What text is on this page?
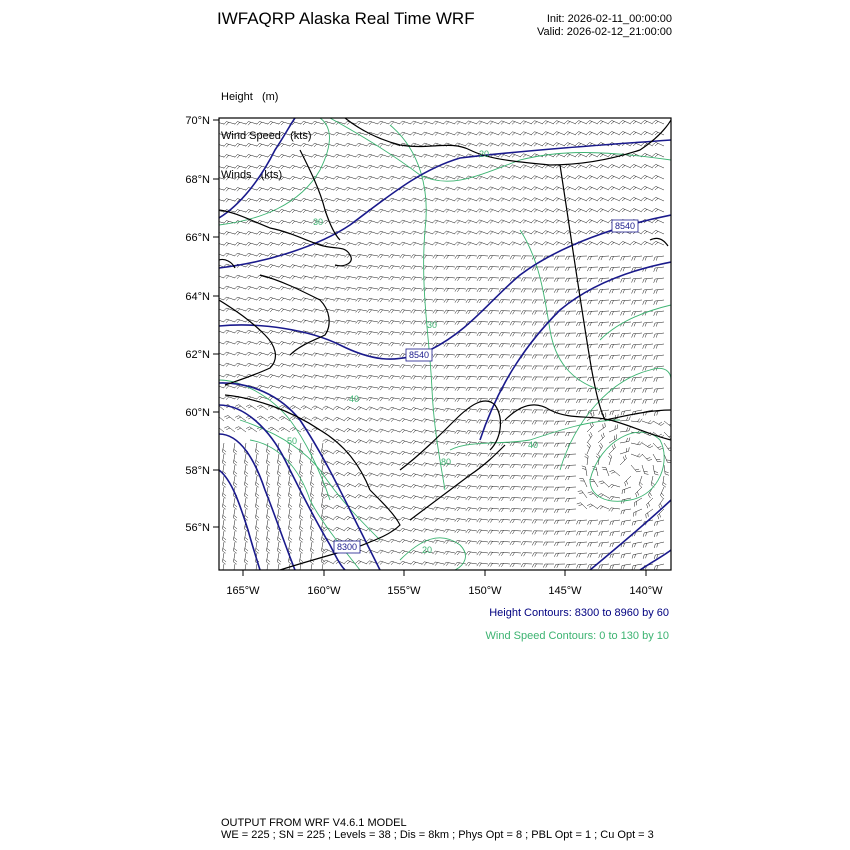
IWFAQRP Alaska Real Time WRF	Init: 2026-02-11_00:00:00
Valid: 2026-02-12_21:00:00

Height (m)

Wind Speed (kts)

Winds (kts)

70°N
68°N
66°N
64°N
62°N
60°N
58°N
56°N
165°W	160°W	155°W	150°W	145°W	140°W
8540
8540
8300
30
30
50
40
40
80
20
20
Height Contours: 8300 to 8960 by 60
Wind Speed Contours: 0 to 130 by 10
OUTPUT FROM WRF V4.6.1 MODEL
WE = 225 ; SN = 225 ; Levels = 38 ; Dis = 8km ; Phys Opt = 8 ; PBL Opt = 1 ; Cu Opt = 3
